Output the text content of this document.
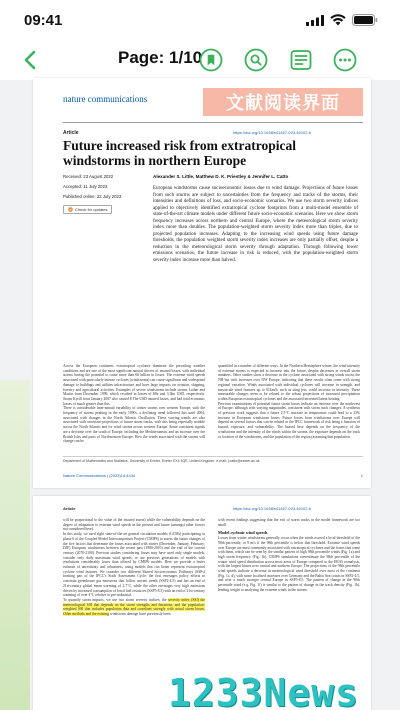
09:41
Page: 1/10
nature communications	文献阅读界面
Article	https://doi.org/10.1038/s41467-023-40102-6
Future increased risk from extratropical windstorms in northern Europe
Received: 23 August 2022
Accepted: 11 July 2023
Published online: 22 July 2023
Check for updates
Alexander S. Little, Matthew D. K. Priestley & Jennifer L. Catto
European windstorms cause socioeconomic losses due to wind damage. Projections of future losses from such storms are subject to uncertainties from the frequency and tracks of the storms, their intensities and definitions of loss, and socio-economic scenarios. We use two storm severity indices applied to objectively identified extratropical cyclone footprints from a multi-model ensemble of state-of-the-art climate models under different future socio-economic scenarios. Here we show storm frequency increases across northern and central Europe, where the meteorological storm severity index more than doubles. The population-weighted storm severity index more than triples, due to projected population increases. Adapting to the increasing wind speeds using future damage thresholds, the population weighted storm severity index increases are only partially offset, despite a reduction in the meteorological storm severity through adaptation. Through following lower emissions scenarios, the future increase in risk is reduced, with the population-weighted storm severity index increase more than halved.
Across the European continent, extratropical cyclones dominate the prevailing weather conditions and are one of the most significant natural drivers of insured losses, with individual storms having the potential to cause more than €6 billion in losses. The extreme wind speeds associated with particularly intense cyclones (windstorms) can cause significant and widespread damage to buildings and utilities infrastructure and have large impacts on aviation, shipping, forestry and agricultural activities. Examples of severe windstorms include storms Lothar and Martin from December 1999, which resulted in losses of $8e and 3.3bn USD, respectively. Storm Kyrill from January 2007 also caused $ The USD insured losses, and had total economic losses of much greater than this.
There is considerable inter-annual variability of winter storms over western Europe, with the frequency of storms peaking in the early 1990s, a declining trend followed this until 2004, associated with changes in the North Atlantic Oscillation. These varying trends are also associated with uncertain projections of future storm tracks, with this being especially notable across the North Atlantic and for wind storms across western Europe. Some consistent signals are a decrease over the south of Europe, including the Mediterranean, and an increase over the British Isles and parts of Northwestern Europe. How the winds associated with the storms will change can be
quantified in a number of different ways. In the Northern Hemisphere winter, the wind intensity of extreme storms is expected to increase into the future, despite decreases in overall storm numbers. Other studies show a decrease in the cyclone associated with strong winds across the NH but with increases over NW Europe, indicating that these results often come with strong regional variation. Winds associated with individual cyclones will increase in strength, and mesoscale wind features up to 91km/h, such as sting jets, could increase in intensity. These measurable changes seem to be related to the robust projections of increased precipitation within European extratropical cyclones and the associated increased latent heating.
Previous examinations of potential future storm losses indicate an increase over the northwest of Europe, although with varying magnitudes, consistent with storm track changes. A synthesis of previous work suggests that a future 2.5°C increase in temperature could lead to a 23% increase in European windstorm losses. Future losses from windstorms over Europe will depend on several factors that can be related to the IPCC framework of risk being a function of hazard, exposure, and vulnerability. The hazard here depends on the frequency of the windstorms and the intensity of the winds within the storms, the exposure depends on the track or location of the windstorms, and the population of the region (assuming that population
Department of Mathematics and Statistics, University of Exeter, Exeter EX4 4QE, United Kingdom. e-mail: j.catto@exeter.ac.uk
Nature Communications | (2023)14:4434	1
Article	https://doi.org/10.1038/s41467-023-40102-6
will be proportional to the value of the insured assets) while the vulnerability depends on the degree of adaptation to extreme wind speeds in the present and future (amongst other factors not considered here).
In this study, we used eight state-of-the-art general circulation models (GCMs) participating in phase 6 of the Coupled Model Intercomparison Project (CMIP6) to assess the future changes of the five factors that determine the losses associated with winter (December, January, February; DJF) European windstorms between the recent past (1980-2010) and the end of the current century (2070-2100). Previous studies considering losses may have used only single models, consider only daily maximum wind speeds, or use previous generations of models with resolutions considerably lower than offered by CMIP6 models. Here we provide a better estimate of uncertainty and robustness, using models that can better represent extratropical cyclone wind features. We consider two different Shared Socioeconomic Pathways (SSPs) forming part of the IPCC's Sixth Assessment Cycle: the first envisages policy efforts to constrain greenhouse gas emissions that follow current trends (SSP2-4.5) and has an end of 21st-century global mean warming of 2.7°C, while the other envisages very high emissions driven by increased consumption of fossil fuel resources (SSP5-8.5) with an end of 21st-century warming of over 4°C relative to pre-industrial.
To quantify storm impacts, we use two storm severity indices: the severity index (SSI) the meteorological SSI that depends on the storm strengths and durations, and the population-weighted SSI that includes population data and correlates strongly with actual storm losses. Other methods and the existing windstorm damage have previously been
with recent findings suggesting that the exit of storm tracks in the model framework are too small.
Model cyclonic wind speeds
Losses from winter windstorms generally occur when the winds exceed a local threshold of the 98th percentile, or 9 m/s if the 98th percentile is below that threshold. Extreme wind speeds over Europe are most commonly associated with extratropical cyclones and the fronts that come with them, which can be seen by the similar pattern of high 98th percentile winds (Fig. 1a) and high storm frequency (Fig. 1b). CMIP6 simulations overestimate the 98th percentile of the winter wind speed distribution across most areas of Europe compared to the ERA5 reanalysis, with the largest biases over central and northern Europe. The projections of the 98th percentile wind speeds indicate a decrease in meteorological wind threshold over most of the continent (Fig. 1c, d), with some localised increases over Germany and the Baltic Sea coasts in SSP2-4.5, and over a much stronger central Europe in SSP5-8.5. The pattern of change in the 98th percentile wind (e.g. Fig. 1f) is similar to the pattern of change in the track density (Fig. 1h), lending weight to analysing the extreme winds in the storms.
1233News
